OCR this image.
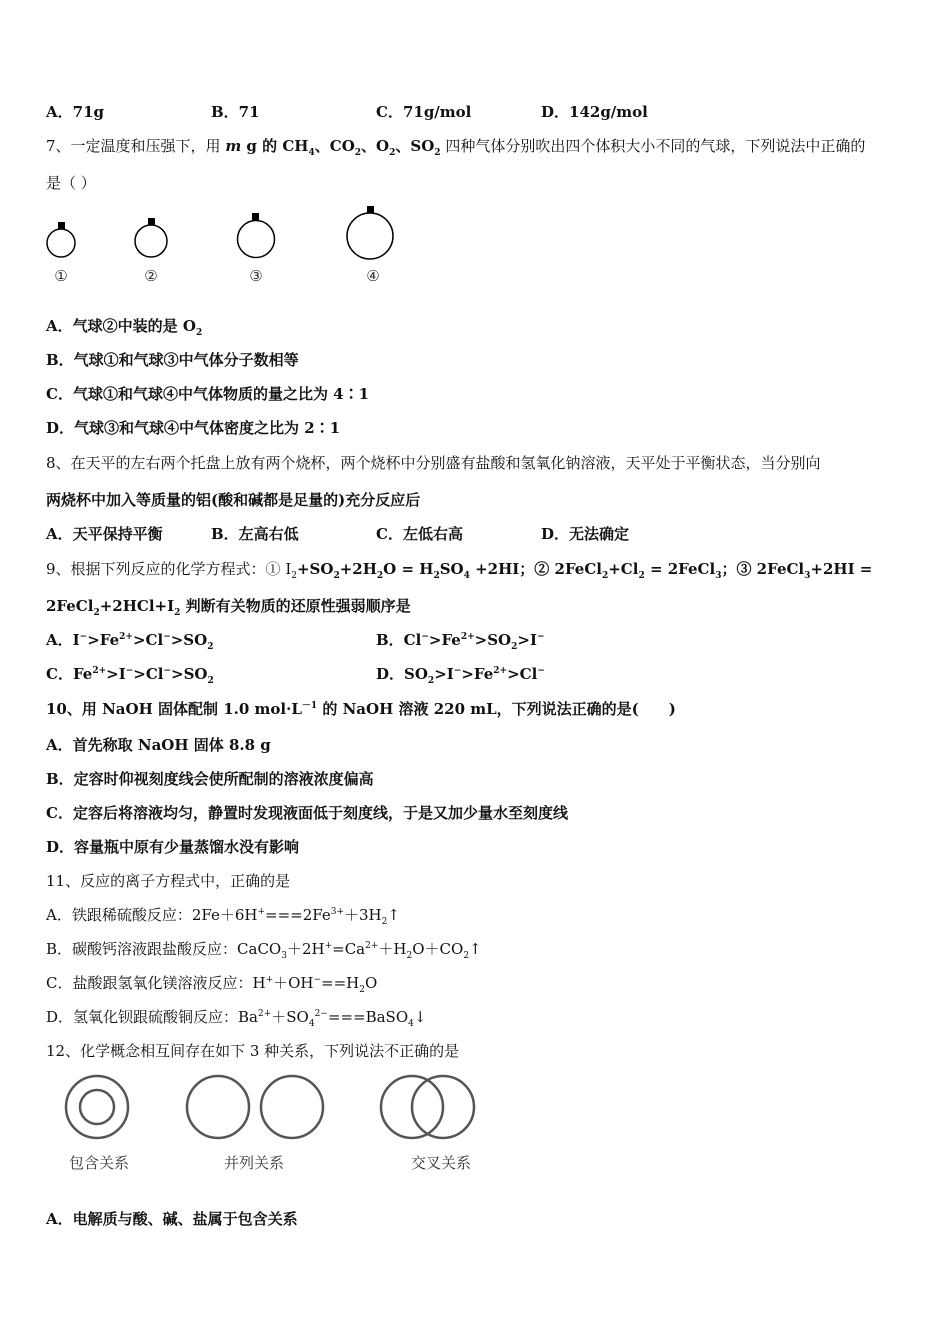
A．71g	B．71	C．71g/mol	D．142g/mol
7、一定温度和压强下，用 m g 的 $CH_4$、$CO_2$、$O_2$、$SO_2$ 四种气体分别吹出四个体积大小不同的气球，下列说法中正确的
是（ ）
①	②	③	④
A．气球②中装的是 $O_2$
B．气球①和气球③中气体分子数相等
C．气球①和气球④中气体物质的量之比为 4∶1
D．气球③和气球④中气体密度之比为 2∶1
8、在天平的左右两个托盘上放有两个烧杯，两个烧杯中分别盛有盐酸和氢氧化钠溶液，天平处于平衡状态，当分别向
两烧杯中加入等质量的铝(酸和碱都是足量的)充分反应后
A．天平保持平衡	B．左高右低	C．左低右高	D．无法确定
9、根据下列反应的化学方程式：① $I_2+SO_2+2H_2O = H_2SO_4 +2HI$；② $2FeCl_2+Cl_2$ = 2FeCl$_3$；③ 2FeCl$_3$+2HI =
$2FeCl_2+2HCl+I_2$ 判断有关物质的还原性强弱顺序是
A．$I^->Fe^{2+}>Cl^->SO_2$	B．$Cl^->Fe^{2+}>SO_2>I^-$
C．$Fe^{2+}>I^->Cl^->SO_2$	D．$SO_2>I^->Fe^{2+}>Cl^-$
10、用 NaOH 固体配制 1.0 $mol\cdot L^{-1}$ 的 NaOH 溶液 220 mL，下列说法正确的是(　　)
A．首先称取 NaOH 固体 8.8 g
B．定容时仰视刻度线会使所配制的溶液浓度偏高
C．定容后将溶液均匀，静置时发现液面低于刻度线，于是又加少量水至刻度线
D．容量瓶中原有少量蒸馏水没有影响
11、反应的离子方程式中，正确的是
A．铁跟稀硫酸反应：$2Fe+6H^+===2Fe^{3+}+3H_2↑$
B．碳酸钙溶液跟盐酸反应：$CaCO_3+2H^+=Ca^{2+}+H_2O+CO_2↑$
C．盐酸跟氢氧化镁溶液反应：$H^++OH^-==H_2O$
D．氢氧化钡跟硫酸铜反应：$Ba^{2+}+SO_4^{2-}===BaSO_4↓$
12、化学概念相互间存在如下 3 种关系，下列说法不正确的是
包含关系	并列关系	交叉关系
A．电解质与酸、碱、盐属于包含关系
